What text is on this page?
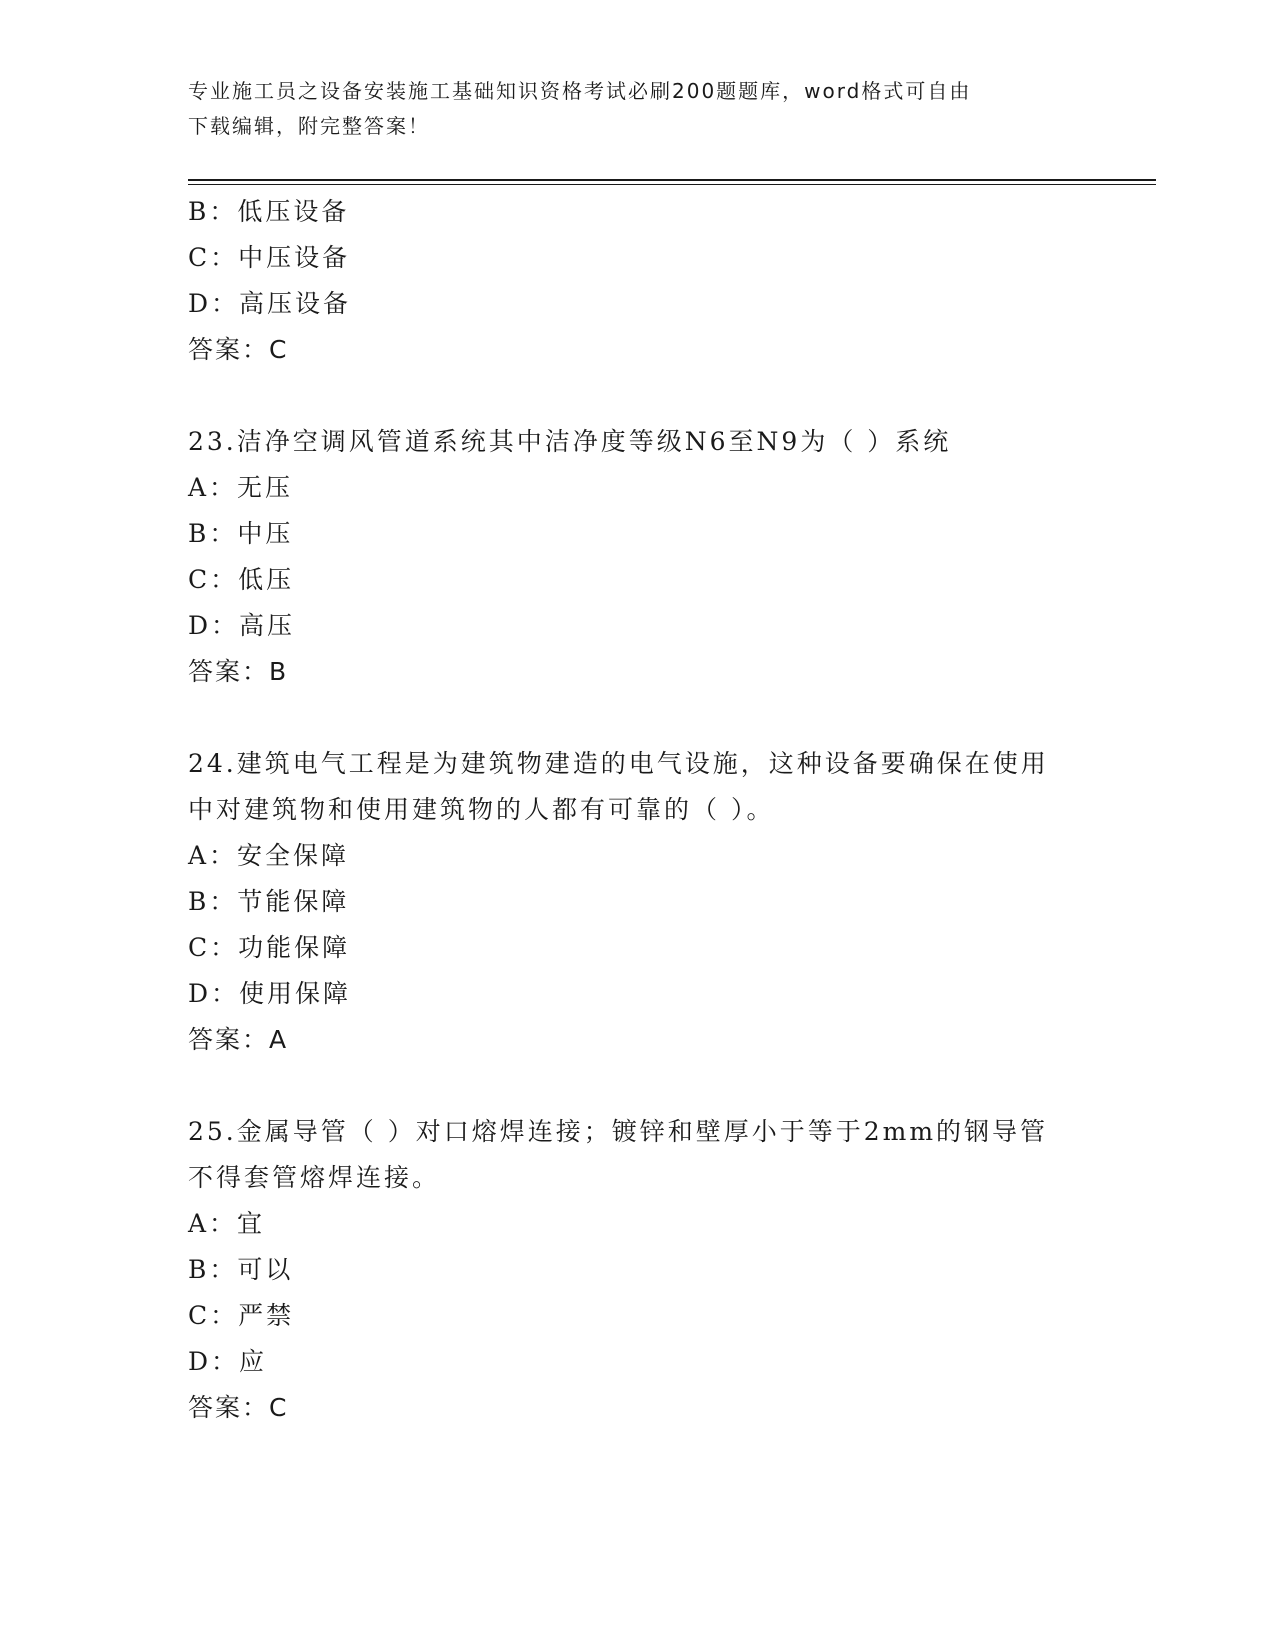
专业施工员之设备安装施工基础知识资格考试必刷200题题库，word格式可自由
下载编辑，附完整答案！
B：低压设备
C：中压设备
D：高压设备
答案：C
23.洁净空调风管道系统其中洁净度等级N6至N9为（ ）系统
A：无压
B：中压
C：低压
D：高压
答案：B
24.建筑电气工程是为建筑物建造的电气设施，这种设备要确保在使用
中对建筑物和使用建筑物的人都有可靠的（ ）。
A：安全保障
B：节能保障
C：功能保障
D：使用保障
答案：A
25.金属导管（ ）对口熔焊连接；镀锌和壁厚小于等于2mm的钢导管
不得套管熔焊连接。
A：宜
B：可以
C：严禁
D：应
答案：C
